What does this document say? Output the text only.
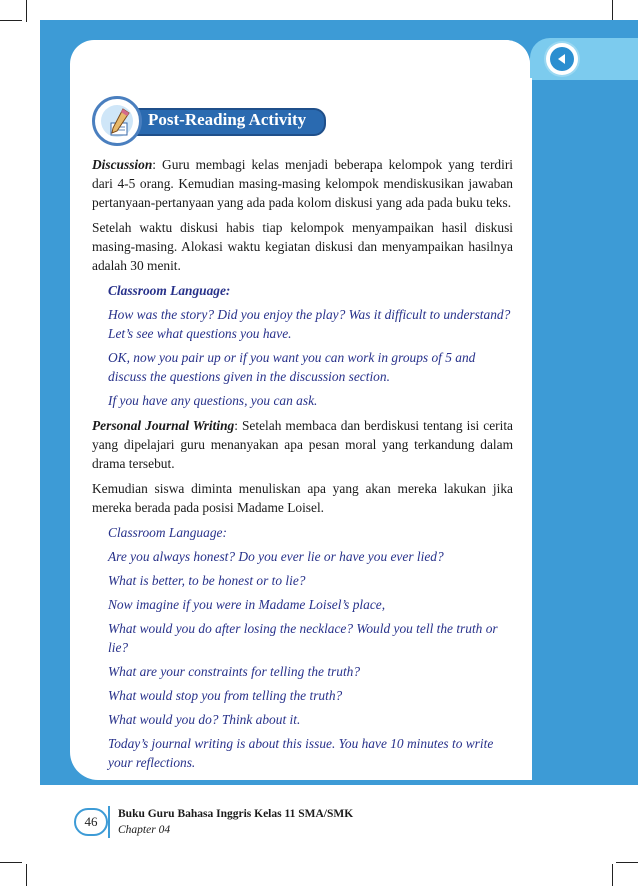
Post-Reading Activity

Discussion: Guru membagi kelas menjadi beberapa kelompok yang terdiri dari 4-5 orang. Kemudian masing-masing kelompok mendiskusikan jawaban pertanyaan-pertanyaan yang ada pada kolom diskusi yang ada pada buku teks.

Setelah waktu diskusi habis tiap kelompok menyampaikan hasil diskusi masing-masing. Alokasi waktu kegiatan diskusi dan menyampaikan hasilnya adalah 30 menit.

Classroom Language:
How was the story? Did you enjoy the play? Was it difficult to understand? Let’s see what questions you have.
OK, now you pair up or if you want you can work in groups of 5 and discuss the questions given in the discussion section.
If you have any questions, you can ask.

Personal Journal Writing: Setelah membaca dan berdiskusi tentang isi cerita yang dipelajari guru menanyakan apa pesan moral yang terkandung dalam drama tersebut.

Kemudian siswa diminta menuliskan apa yang akan mereka lakukan jika mereka berada pada posisi Madame Loisel.

Classroom Language:
Are you always honest? Do you ever lie or have you ever lied?
What is better, to be honest or to lie?
Now imagine if you were in Madame Loisel’s place,
What would you do after losing the necklace? Would you tell the truth or lie?
What are your constraints for telling the truth?
What would stop you from telling the truth?
What would you do? Think about it.
Today’s journal writing is about this issue. You have 10 minutes to write your reflections.
46	Buku Guru Bahasa Inggris Kelas 11 SMA/SMK
Chapter 04
